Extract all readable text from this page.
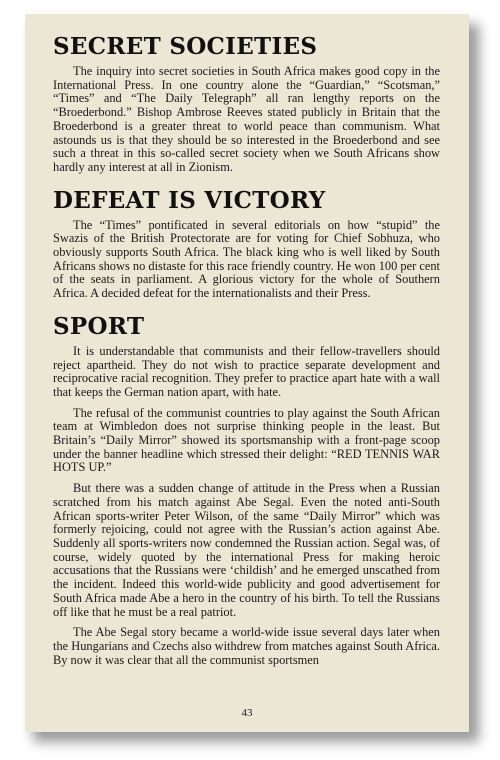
SECRET SOCIETIES

The inquiry into secret societies in South Africa makes good copy in the International Press. In one country alone the “Guardian,” “Scotsman,” “Times” and “The Daily Telegraph” all ran lengthy reports on the “Broederbond.” Bishop Ambrose Reeves stated publicly in Britain that the Broederbond is a greater threat to world peace than communism. What astounds us is that they should be so interested in the Broederbond and see such a threat in this so-called secret society when we South Africans show hardly any interest at all in Zionism.

DEFEAT IS VICTORY

The “Times” pontificated in several editorials on how “stupid” the Swazis of the British Protectorate are for voting for Chief Sobhuza, who obviously supports South Africa. The black king who is well liked by South Africans shows no distaste for this race friendly country. He won 100 per cent of the seats in parliament. A glorious victory for the whole of Southern Africa. A decided defeat for the internationalists and their Press.

SPORT

It is understandable that communists and their fellow-travellers should reject apartheid. They do not wish to practice separate development and reciprocative racial recognition. They prefer to practice apart hate with a wall that keeps the German nation apart, with hate.

The refusal of the communist countries to play against the South African team at Wimbledon does not surprise thinking people in the least. But Britain’s “Daily Mirror” showed its sportsmanship with a front-page scoop under the banner headline which stressed their delight: “RED TENNIS WAR HOTS UP.”

But there was a sudden change of attitude in the Press when a Russian scratched from his match against Abe Segal. Even the noted anti-South African sports-writer Peter Wilson, of the same “Daily Mirror” which was formerly rejoicing, could not agree with the Russian’s action against Abe. Suddenly all sports-writers now condemned the Russian action. Segal was, of course, widely quoted by the international Press for making heroic accusations that the Russians were ‘childish’ and he emerged unscathed from the incident. Indeed this world-wide publicity and good advertisement for South Africa made Abe a hero in the country of his birth. To tell the Russians off like that he must be a real patriot.

The Abe Segal story became a world-wide issue several days later when the Hungarians and Czechs also withdrew from matches against South Africa. By now it was clear that all the communist sportsmen

43
